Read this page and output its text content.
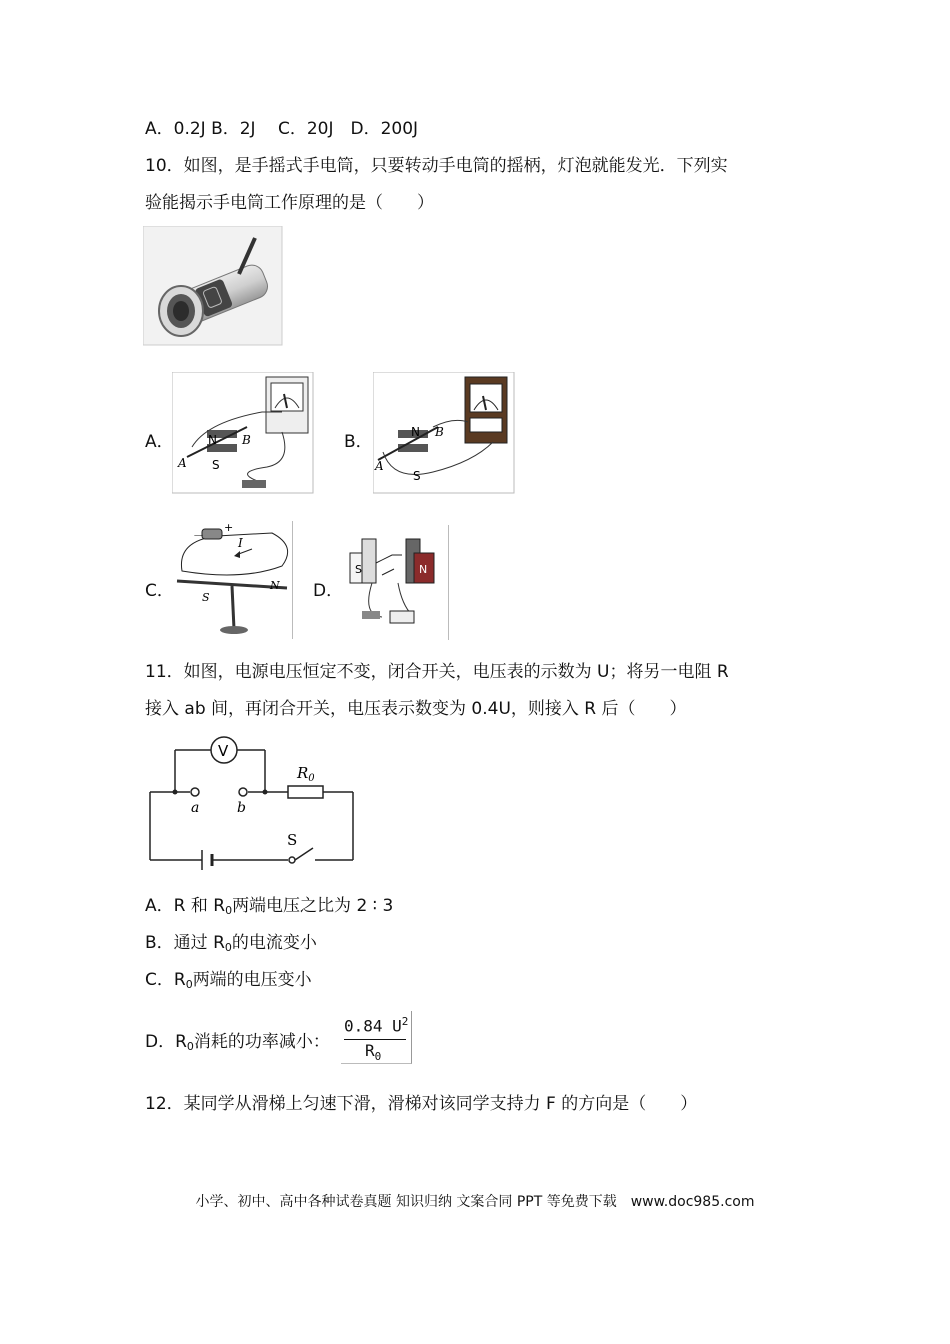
A．0.2J B．2J　 C．20J　D．200J
10．如图，是手摇式手电筒，只要转动手电筒的摇柄，灯泡就能发光．下列实
验能揭示手电筒工作原理的是（　　）
A．	N
S
A
B	B．	N
S
A
B
C．
－
+
I
S
N D．
S	N
11．如图，电源电压恒定不变，闭合开关，电压表的示数为 U；将另一电阻 R
接入 ab 间，再闭合开关，电压表示数变为 0.4U，则接入 R 后（　　）
V
a	b
$R_0$
S
A．R 和 $R_0$两端电压之比为 2 ∶ 3
B．通过 $R_0$的电流变小
C．$R_0$两端的电压变小
D．$R_0$消耗的功率减小：
0.84 $U^2$
$R_0$
12．某同学从滑梯上匀速下滑，滑梯对该同学支持力 F 的方向是（　　）
小学、初中、高中各种试卷真题 知识归纳 文案合同 PPT 等免费下载　www.doc985.com
